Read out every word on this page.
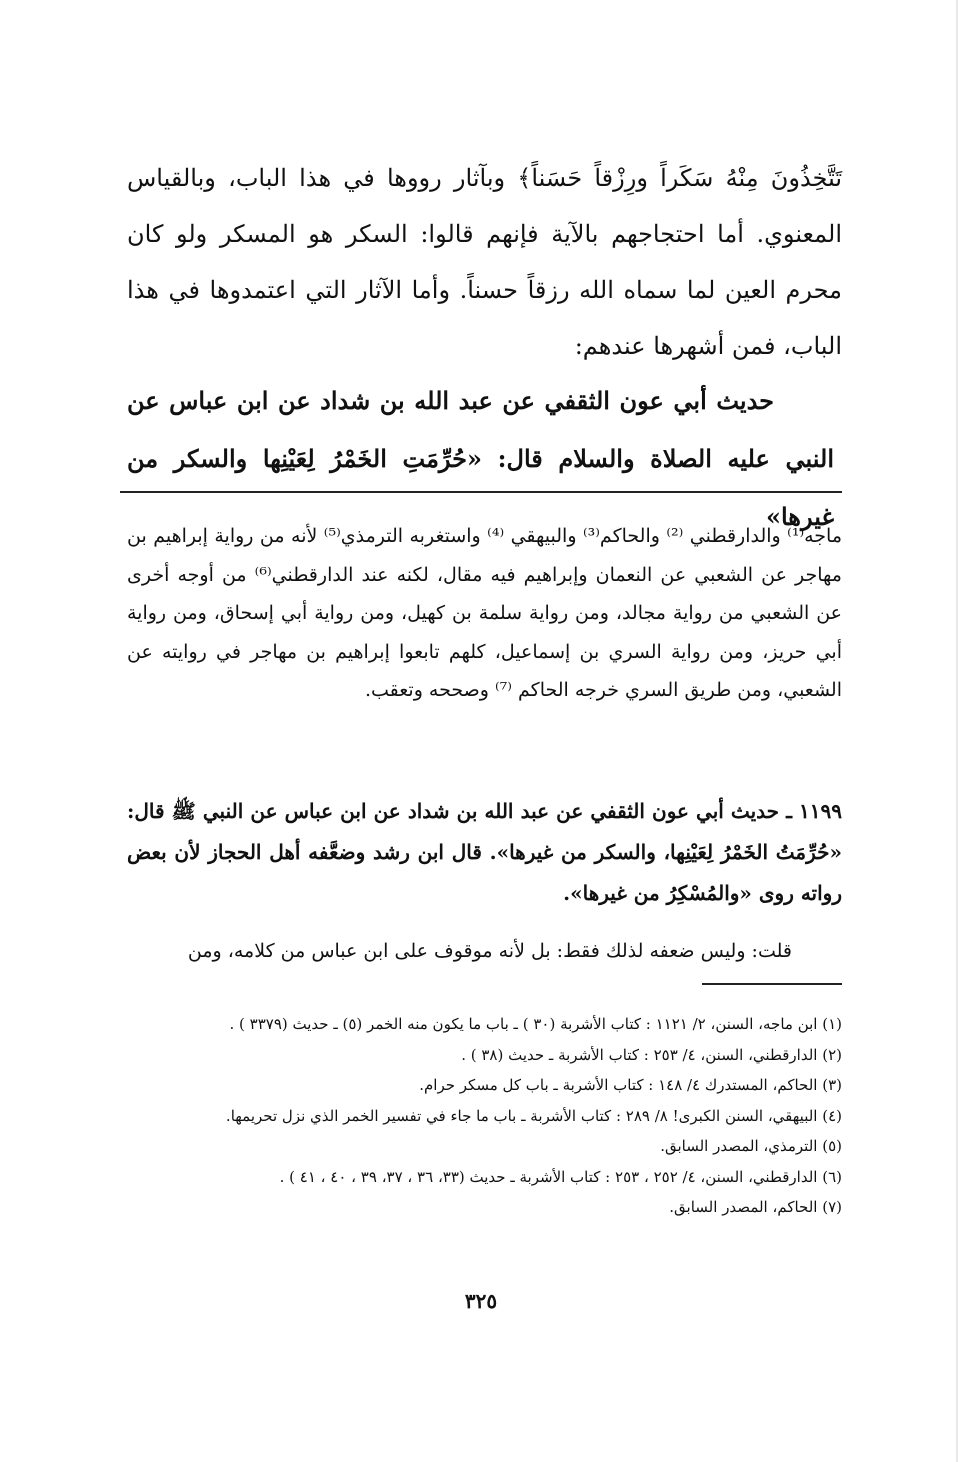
تَتَّخِذُونَ مِنْهُ سَكَراً ورِزْقاً حَسَناً﴾ وبآثار رووها في هذا الباب، وبالقياس المعنوي. أما احتجاجهم بالآية فإنهم قالوا: السكر هو المسكر ولو كان محرم العين لما سماه الله رزقاً حسناً. وأما الآثار التي اعتمدوها في هذا الباب، فمن أشهرها عندهم:

حديث أبي عون الثقفي عن عبد الله بن شداد عن ابن عباس عن النبي عليه الصلاة والسلام قال: «حُرِّمَتِ الخَمْرُ لِعَيْنِها والسكر من غيرها»

ماجه⁽¹⁾ والدارقطني ⁽²⁾ والحاكم⁽³⁾ والبيهقي ⁽⁴⁾ واستغربه الترمذي⁽⁵⁾ لأنه من رواية إبراهيم بن مهاجر عن الشعبي عن النعمان وإبراهيم فيه مقال، لكنه عند الدارقطني⁽⁶⁾ من أوجه أخرى عن الشعبي من رواية مجالد، ومن رواية سلمة بن كهيل، ومن رواية أبي إسحاق، ومن رواية أبي حريز، ومن رواية السري بن إسماعيل، كلهم تابعوا إبراهيم بن مهاجر في روايته عن الشعبي، ومن طريق السري خرجه الحاكم ⁽⁷⁾ وصححه وتعقب.

١١٩٩ ـ حديث أبي عون الثقفي عن عبد الله بن شداد عن ابن عباس عن النبي ﷺ قال: «حُرِّمَتُ الخَمْرُ لِعَيْنِها، والسكر من غيرها». قال ابن رشد وضعَّفه أهل الحجاز لأن بعض رواته روى «والمُسْكِرُ من غيرها».

قلت: وليس ضعفه لذلك فقط: بل لأنه موقوف على ابن عباس من كلامه، ومن

(١) ابن ماجه، السنن، ٢/ ١١٢١ : كتاب الأشربة (٣٠ ) ـ باب ما يكون منه الخمر (٥) ـ حديث (٣٣٧٩ ) .
(٢) الدارقطني، السنن، ٤/ ٢٥٣ : كتاب الأشربة ـ حديث (٣٨ ) .
(٣) الحاكم، المستدرك ٤/ ١٤٨ : كتاب الأشربة ـ باب كل مسكر حرام.
(٤) البيهقي، السنن الكبرى! ٨/ ٢٨٩ : كتاب الأشربة ـ باب ما جاء في تفسير الخمر الذي نزل تحريمها.
(٥) الترمذي، المصدر السابق.
(٦) الدارقطني، السنن، ٤/ ٢٥٢ ، ٢٥٣ : كتاب الأشربة ـ حديث (٣٣، ٣٦ ، ٣٧، ٣٩ ، ٤٠ ، ٤١ ) .
(٧) الحاكم، المصدر السابق.
٣٢٥
